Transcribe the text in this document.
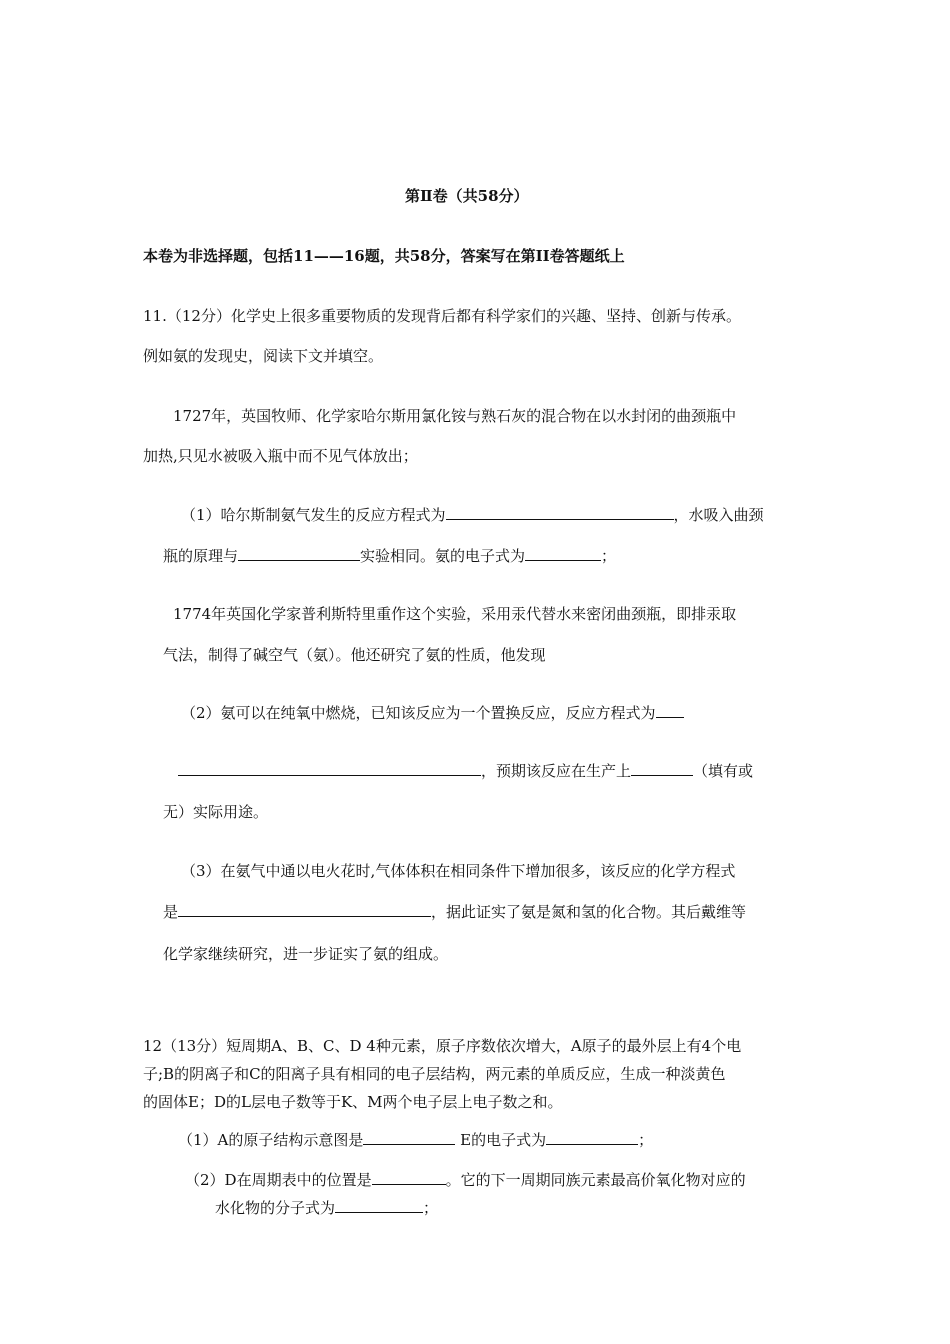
第Ⅱ卷（共58分）
本卷为非选择题，包括11——16题，共58分，答案写在第II卷答题纸上
11.（12分）化学史上很多重要物质的发现背后都有科学家们的兴趣、坚持、创新与传承。
例如氨的发现史，阅读下文并填空。
1727年，英国牧师、化学家哈尔斯用氯化铵与熟石灰的混合物在以水封闭的曲颈瓶中
加热,只见水被吸入瓶中而不见气体放出；
（1）哈尔斯制氨气发生的反应方程式为	，水吸入曲颈
瓶的原理与	实验相同。氨的电子式为	；
1774年英国化学家普利斯特里重作这个实验，采用汞代替水来密闭曲颈瓶，即排汞取
气法，制得了碱空气（氨）。他还研究了氨的性质，他发现
（2）氨可以在纯氧中燃烧，已知该反应为一个置换反应，反应方程式为
，预期该反应在生产上	（填有或
无）实际用途。
（3）在氨气中通以电火花时,气体体积在相同条件下增加很多，该反应的化学方程式
是	，据此证实了氨是氮和氢的化合物。其后戴维等
化学家继续研究，进一步证实了氨的组成。
12（13分）短周期A、B、C、D 4种元素，原子序数依次增大，A原子的最外层上有4个电
子;B的阴离子和C的阳离子具有相同的电子层结构，两元素的单质反应，生成一种淡黄色
的固体E；D的L层电子数等于K、M两个电子层上电子数之和。
（1）A的原子结构示意图是	E的电子式为	；
（2）D在周期表中的位置是	。它的下一周期同族元素最高价氧化物对应的
水化物的分子式为	；
